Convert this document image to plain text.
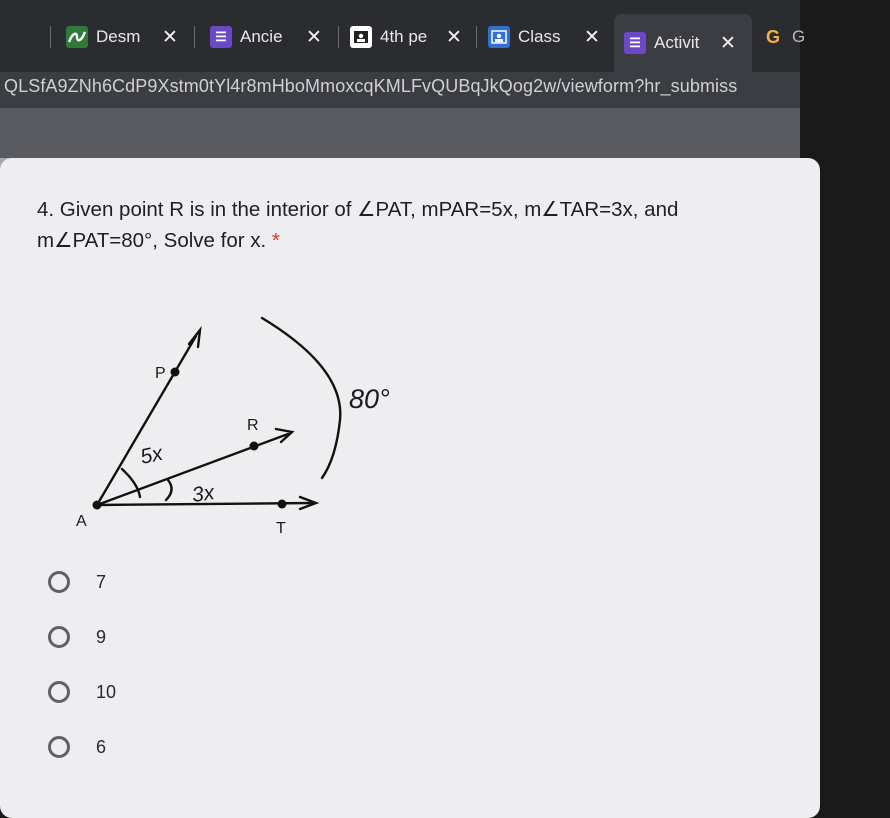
Desm	✕	☰ Ancie	✕	4th pe ✕	Class	✕	☰ Activit	✕ G G
QLSfA9ZNh6CdP9Xstm0tYl4r8mHboMmoxcqKMLFvQUBqJkQog2w/viewform?hr_submiss
4. Given point R is in the interior of ∠PAT, mPAR=5x, m∠TAR=3x, and
m∠PAT=80°, Solve for x. *
P
R
A	T
5x
3x
80°
7
9
10
6
